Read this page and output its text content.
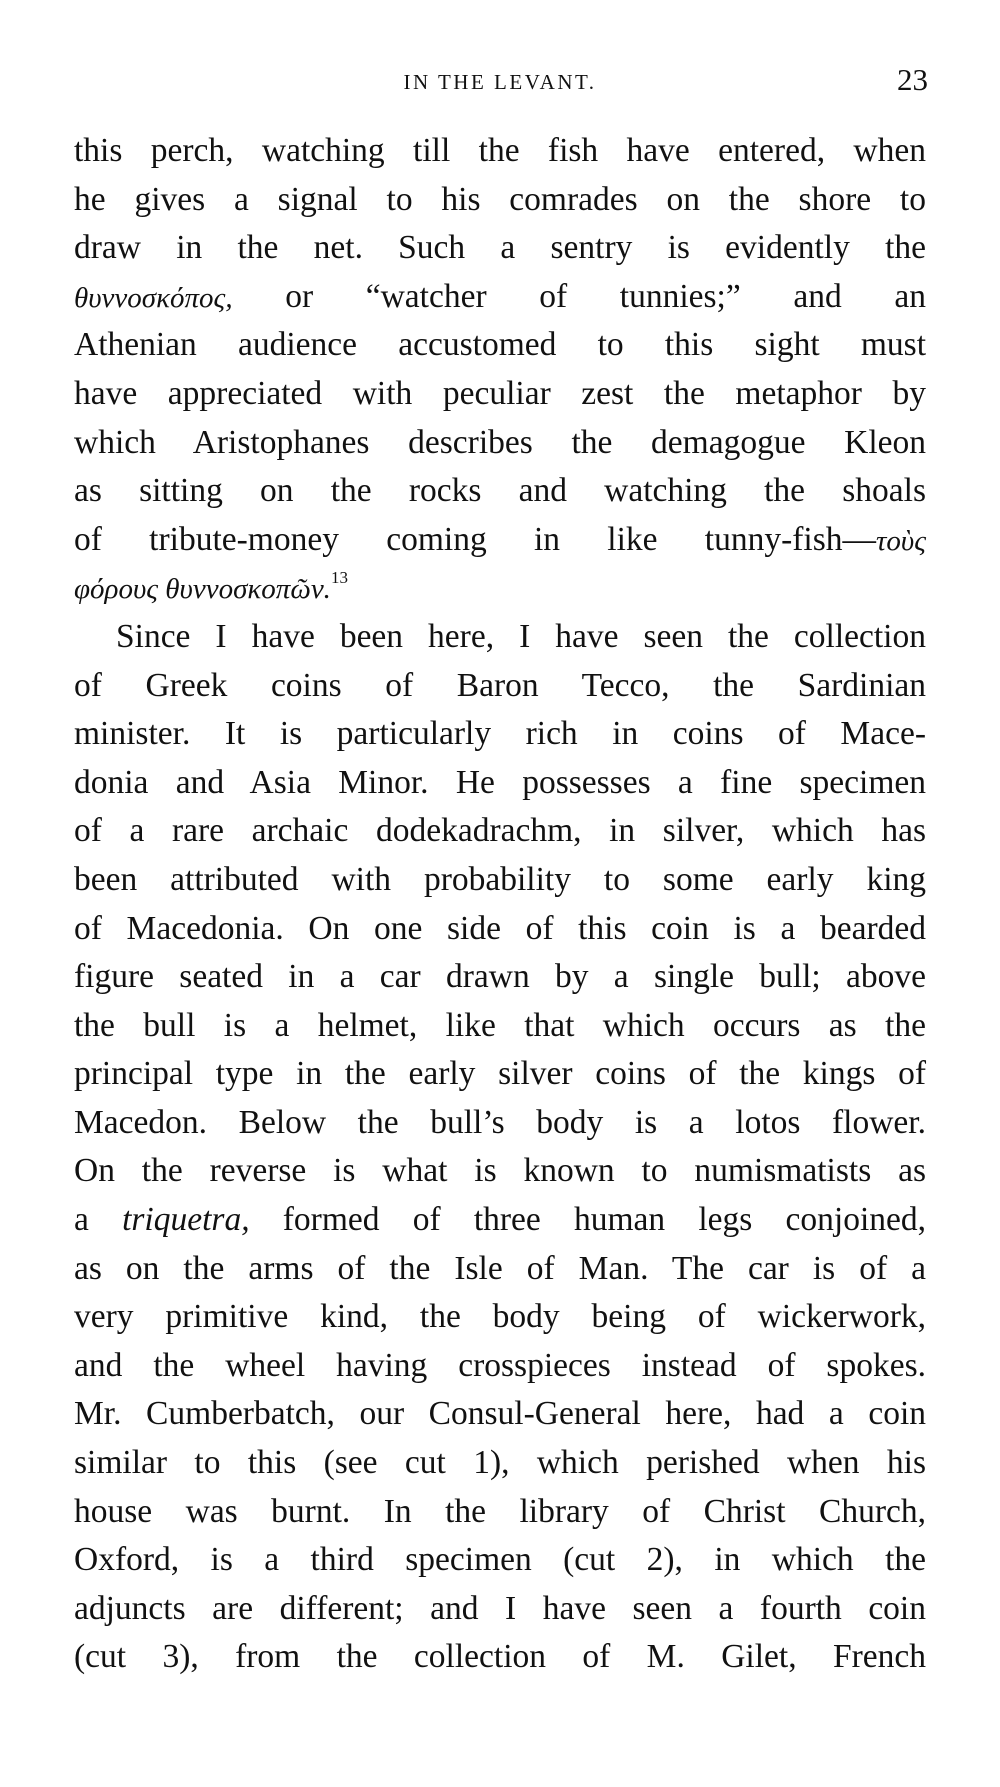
IN THE LEVANT.	23
this perch, watching till the fish have entered, when
he gives a signal to his comrades on the shore to
draw in the net. Such a sentry is evidently the
θυννοσκόπος, or “watcher of tunnies;” and an
Athenian audience accustomed to this sight must
have appreciated with peculiar zest the metaphor by
which Aristophanes describes the demagogue Kleon
as sitting on the rocks and watching the shoals
of tribute-money coming in like tunny-fish—τοὺς
φόρους θυννοσκοπῶν.$^{13}$
Since I have been here, I have seen the collection
of Greek coins of Baron Tecco, the Sardinian
minister. It is particularly rich in coins of Mace-
donia and Asia Minor. He possesses a fine specimen
of a rare archaic dodekadrachm, in silver, which has
been attributed with probability to some early king
of Macedonia. On one side of this coin is a bearded
figure seated in a car drawn by a single bull; above
the bull is a helmet, like that which occurs as the
principal type in the early silver coins of the kings of
Macedon. Below the bull’s body is a lotos flower.
On the reverse is what is known to numismatists as
a triquetra, formed of three human legs conjoined,
as on the arms of the Isle of Man. The car is of a
very primitive kind, the body being of wickerwork,
and the wheel having crosspieces instead of spokes.
Mr. Cumberbatch, our Consul-General here, had a coin
similar to this (see cut 1), which perished when his
house was burnt. In the library of Christ Church,
Oxford, is a third specimen (cut 2), in which the
adjuncts are different; and I have seen a fourth coin
(cut 3), from the collection of M. Gilet, French
